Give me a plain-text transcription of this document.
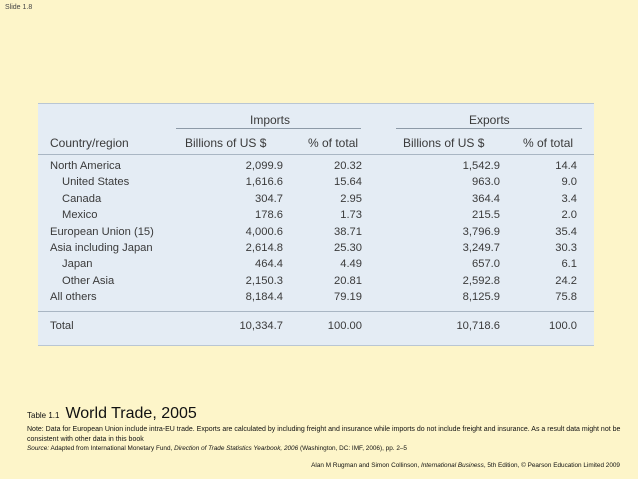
Slide 1.8
Imports	Exports
Country/region	Billions of US $	% of total	Billions of US $	% of total
North America	2,099.9	20.32	1,542.9	14.4
United States	1,616.6	15.64	963.0	9.0
Canada	304.7	2.95	364.4	3.4
Mexico	178.6	1.73	215.5	2.0
European Union (15)	4,000.6	38.71	3,796.9	35.4
Asia including Japan	2,614.8	25.30	3,249.7	30.3
Japan	464.4	4.49	657.0	6.1
Other Asia	2,150.3	20.81	2,592.8	24.2
All others	8,184.4	79.19	8,125.9	75.8
Total	10,334.7	100.00	10,718.6	100.0
Table 1.1 World Trade, 2005
Note: Data for European Union include intra-EU trade. Exports are calculated by including freight and insurance while imports do not include freight and insurance. As a result data might not be consistent with other data in this book
Source: Adapted from International Monetary Fund, Direction of Trade Statistics Yearbook, 2006 (Washington, DC: IMF, 2006), pp. 2–5
Alan M Rugman and Simon Collinson, International Business, 5th Edition, © Pearson Education Limited 2009
